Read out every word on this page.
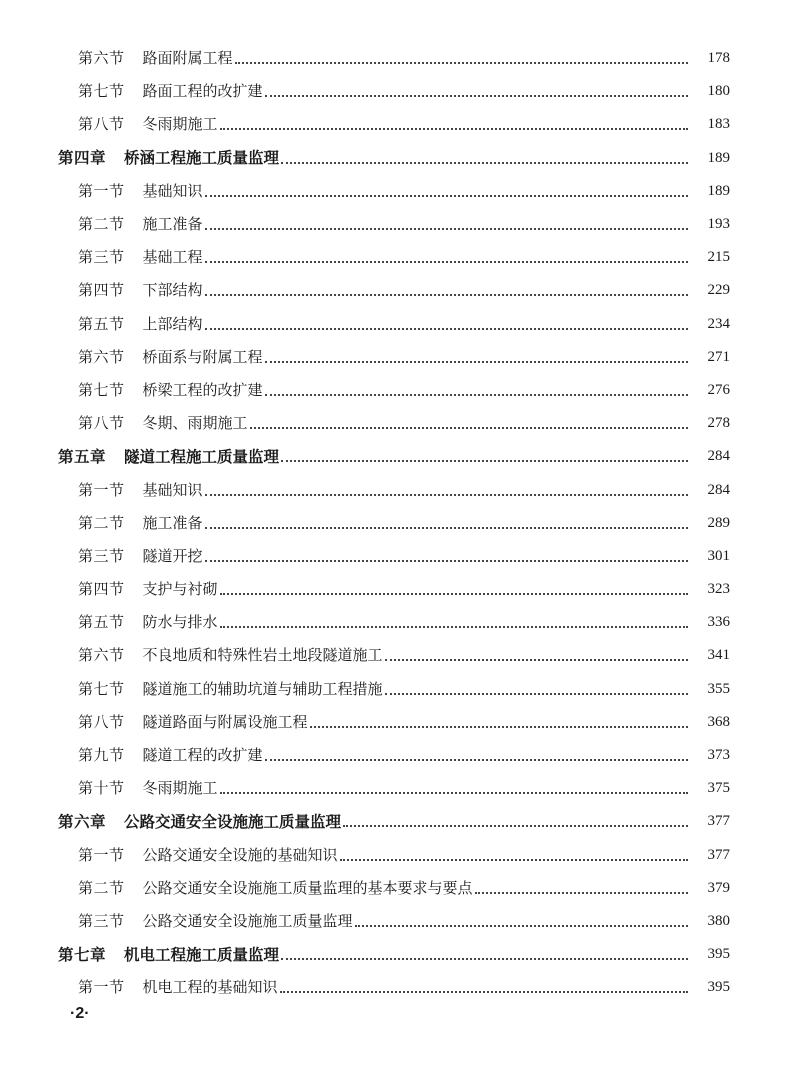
第六节 路面附属工程	178
第七节 路面工程的改扩建	180
第八节 冬雨期施工	183
第四章 桥涵工程施工质量监理	189
第一节 基础知识	189
第二节 施工准备	193
第三节 基础工程	215
第四节 下部结构	229
第五节 上部结构	234
第六节 桥面系与附属工程	271
第七节 桥梁工程的改扩建	276
第八节 冬期、雨期施工	278
第五章 隧道工程施工质量监理	284
第一节 基础知识	284
第二节 施工准备	289
第三节 隧道开挖	301
第四节 支护与衬砌	323
第五节 防水与排水	336
第六节 不良地质和特殊性岩土地段隧道施工	341
第七节 隧道施工的辅助坑道与辅助工程措施	355
第八节 隧道路面与附属设施工程	368
第九节 隧道工程的改扩建	373
第十节 冬雨期施工	375
第六章 公路交通安全设施施工质量监理	377
第一节 公路交通安全设施的基础知识	377
第二节 公路交通安全设施施工质量监理的基本要求与要点	379
第三节 公路交通安全设施施工质量监理	380
第七章 机电工程施工质量监理	395
第一节 机电工程的基础知识	395
·2·
